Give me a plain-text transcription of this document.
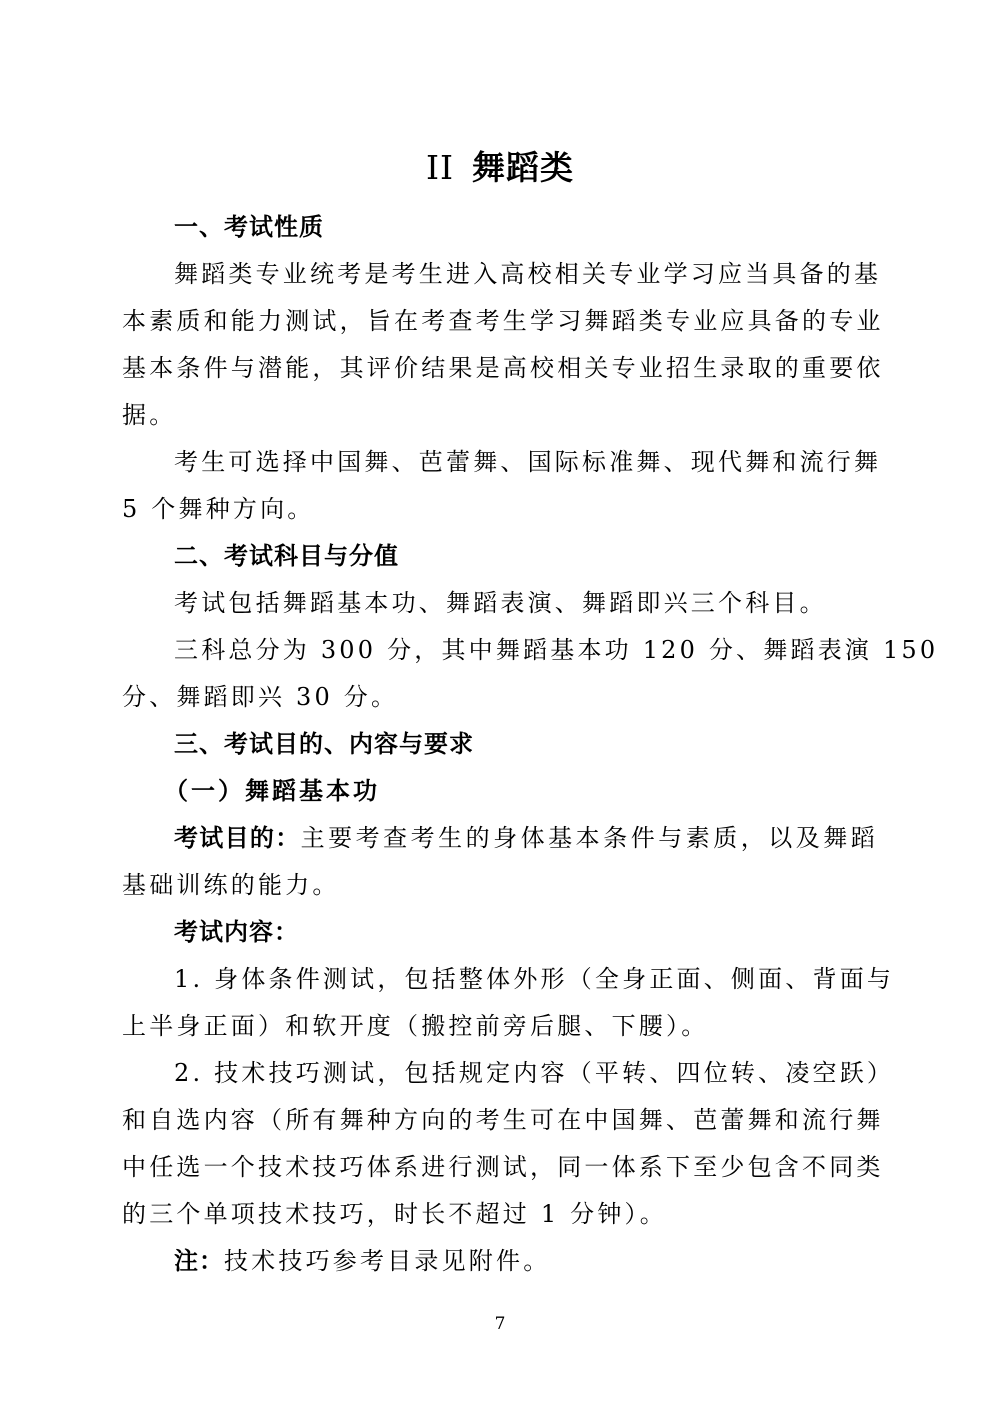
II 舞蹈类
一、考试性质
舞蹈类专业统考是考生进入高校相关专业学习应当具备的基
本素质和能力测试，旨在考查考生学习舞蹈类专业应具备的专业
基本条件与潜能，其评价结果是高校相关专业招生录取的重要依
据。
考生可选择中国舞、芭蕾舞、国际标准舞、现代舞和流行舞
5 个舞种方向。
二、考试科目与分值
考试包括舞蹈基本功、舞蹈表演、舞蹈即兴三个科目。
三科总分为 300 分，其中舞蹈基本功 120 分、舞蹈表演 150
分、舞蹈即兴 30 分。
三、考试目的、内容与要求
（一）舞蹈基本功
考试目的：主要考查考生的身体基本条件与素质，以及舞蹈
基础训练的能力。
考试内容：
1. 身体条件测试，包括整体外形（全身正面、侧面、背面与
上半身正面）和软开度（搬控前旁后腿、下腰）。
2. 技术技巧测试，包括规定内容（平转、四位转、凌空跃）
和自选内容（所有舞种方向的考生可在中国舞、芭蕾舞和流行舞
中任选一个技术技巧体系进行测试，同一体系下至少包含不同类
的三个单项技术技巧，时长不超过 1 分钟）。
注：技术技巧参考目录见附件。
7
